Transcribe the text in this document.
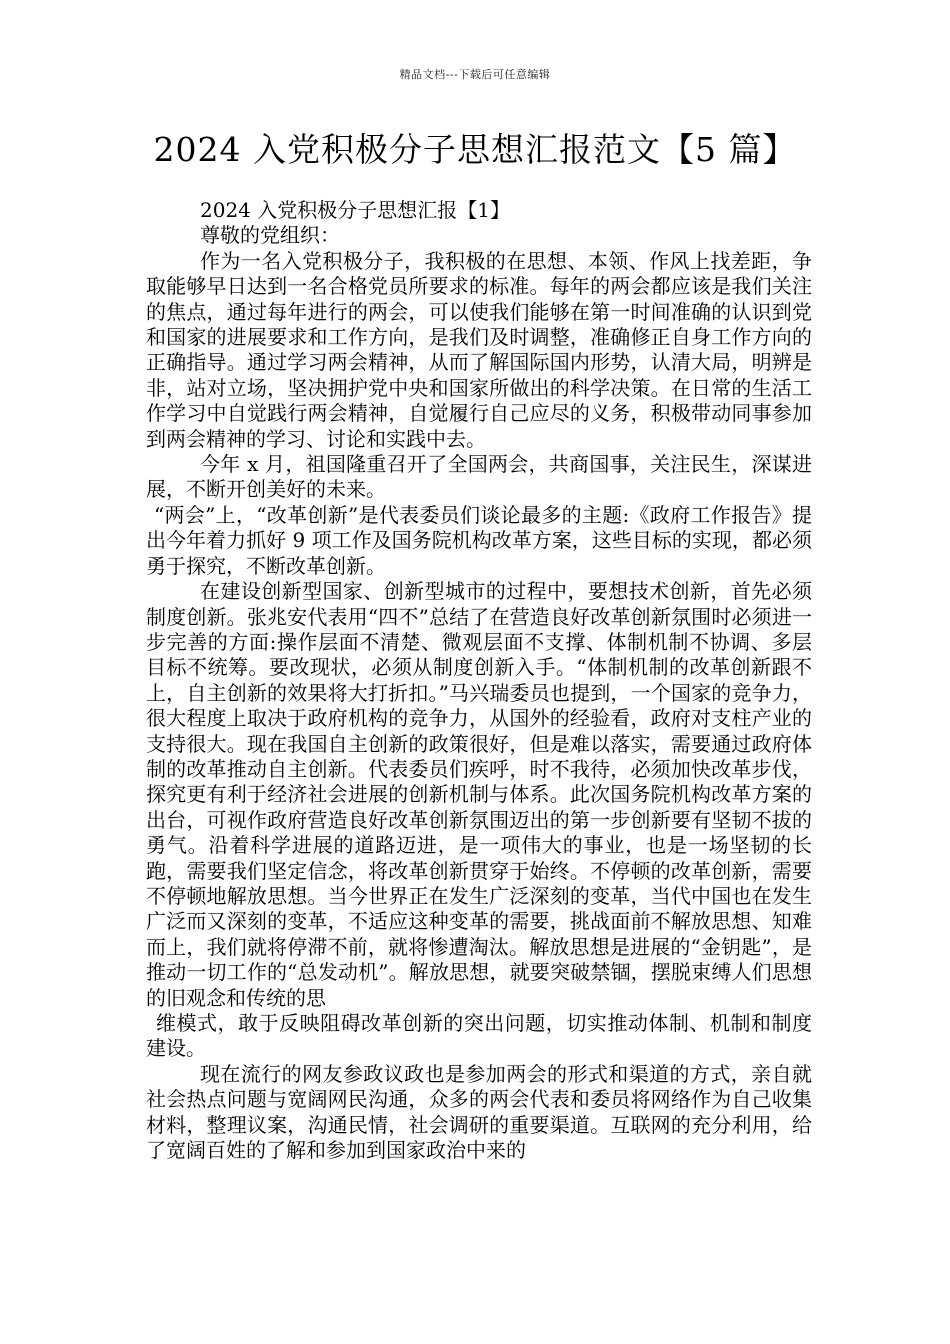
精品文档---下载后可任意编辑
2024 入党积极分子思想汇报范文【5 篇】

2024 入党积极分子思想汇报【1】

尊敬的党组织：

作为一名入党积极分子，我积极的在思想、本领、作风上找差距，争取能够早日达到一名合格党员所要求的标准。每年的两会都应该是我们关注的焦点，通过每年进行的两会，可以使我们能够在第一时间准确的认识到党和国家的进展要求和工作方向，是我们及时调整，准确修正自身工作方向的正确指导。通过学习两会精神，从而了解国际国内形势，认清大局，明辨是非，站对立场，坚决拥护党中央和国家所做出的科学决策。在日常的生活工作学习中自觉践行两会精神，自觉履行自己应尽的义务，积极带动同事参加到两会精神的学习、讨论和实践中去。

今年 x 月，祖国隆重召开了全国两会，共商国事，关注民生，深谋进展，不断开创美好的未来。

“两会”上，“改革创新”是代表委员们谈论最多的主题:《政府工作报告》提出今年着力抓好 9 项工作及国务院机构改革方案，这些目标的实现，都必须勇于探究，不断改革创新。

在建设创新型国家、创新型城市的过程中，要想技术创新，首先必须制度创新。张兆安代表用“四不”总结了在营造良好改革创新氛围时必须进一步完善的方面:操作层面不清楚、微观层面不支撑、体制机制不协调、多层目标不统筹。要改现状，必须从制度创新入手。“体制机制的改革创新跟不上，自主创新的效果将大打折扣。”马兴瑞委员也提到，一个国家的竞争力，很大程度上取决于政府机构的竞争力，从国外的经验看，政府对支柱产业的支持很大。现在我国自主创新的政策很好，但是难以落实，需要通过政府体制的改革推动自主创新。代表委员们疾呼，时不我待，必须加快改革步伐，探究更有利于经济社会进展的创新机制与体系。此次国务院机构改革方案的出台，可视作政府营造良好改革创新氛围迈出的第一步创新要有坚韧不拔的勇气。沿着科学进展的道路迈进，是一项伟大的事业，也是一场坚韧的长跑，需要我们坚定信念，将改革创新贯穿于始终。不停顿的改革创新，需要不停顿地解放思想。当今世界正在发生广泛深刻的变革，当代中国也在发生广泛而又深刻的变革，不适应这种变革的需要，挑战面前不解放思想、知难而上，我们就将停滞不前，就将惨遭淘汰。解放思想是进展的“金钥匙”，是推动一切工作的“总发动机”。解放思想，就要突破禁锢，摆脱束缚人们思想的旧观念和传统的思

维模式，敢于反映阻碍改革创新的突出问题，切实推动体制、机制和制度建设。

现在流行的网友参政议政也是参加两会的形式和渠道的方式，亲自就社会热点问题与宽阔网民沟通，众多的两会代表和委员将网络作为自己收集材料，整理议案，沟通民情，社会调研的重要渠道。互联网的充分利用，给了宽阔百姓的了解和参加到国家政治中来的
